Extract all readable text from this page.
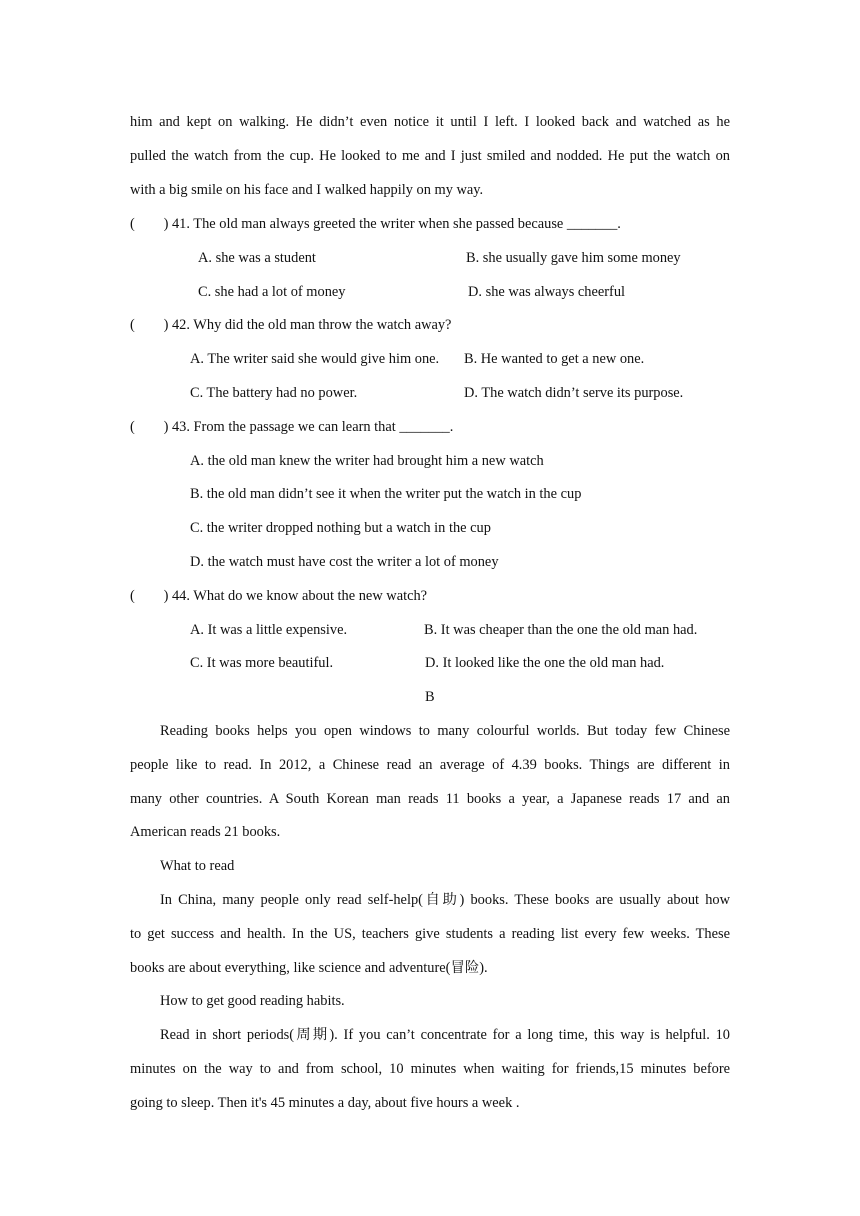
him and kept on walking. He didn’t even notice it until I left. I looked back and watched as he
pulled the watch from the cup. He looked to me and I just smiled and nodded. He put the watch on
with a big smile on his face and I walked happily on my way.
(        ) 41. The old man always greeted the writer when she passed because _______.
A. she was a student	B. she usually gave him some money
C. she had a lot of money	D. she was always cheerful
(        ) 42. Why did the old man throw the watch away?
A. The writer said she would give him one. B. He wanted to get a new one.
C. The battery had no power.	D. The watch didn’t serve its purpose.
(        ) 43. From the passage we can learn that _______.
A. the old man knew the writer had brought him a new watch
B. the old man didn’t see it when the writer put the watch in the cup
C. the writer dropped nothing but a watch in the cup
D. the watch must have cost the writer a lot of money
(        ) 44. What do we know about the new watch?
A. It was a little expensive.	B. It was cheaper than the one the old man had.
C. It was more beautiful.	D. It looked like the one the old man had.
B
Reading books helps you open windows to many colourful worlds. But today few Chinese
people like to read. In 2012, a Chinese read an average of 4.39 books. Things are different in
many other countries. A South Korean man reads 11 books a year, a Japanese reads 17 and an
American reads 21 books.
What to read
In China, many people only read self-help(自助) books. These books are usually about how
to get success and health. In the US, teachers give students a reading list every few weeks. These
books are about everything, like science and adventure(冒险).
How to get good reading habits.
Read in short periods(周期). If you can’t concentrate for a long time, this way is helpful. 10
minutes on the way to and from school, 10 minutes when waiting for friends,15 minutes before
going to sleep. Then it's 45 minutes a day, about five hours a week .
